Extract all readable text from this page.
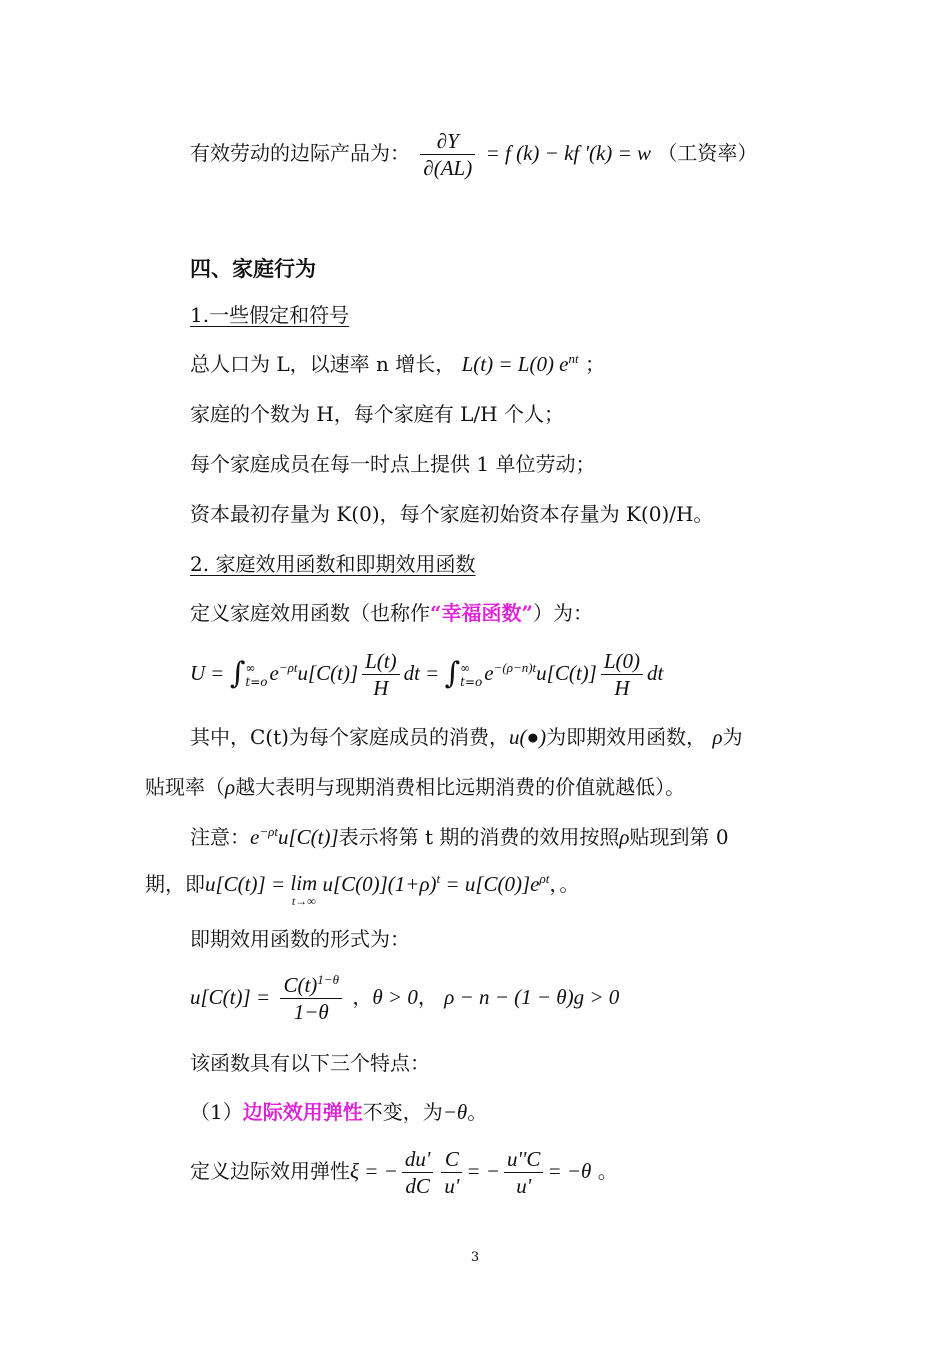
有效劳动的边际产品为： $\frac{\partial Y}{\partial(AL)} = f$ (k) − kf '(k) = w （工资率）
四、家庭行为
1.一些假定和符号
总人口为 L，以速率 n 增长， L(t) = L(0) $e^{nt}$ ；
家庭的个数为 H，每个家庭有 L/H 个人；
每个家庭成员在每一时点上提供 1 单位劳动；
资本最初存量为 K(0)，每个家庭初始资本存量为 K(0)/H。
2. 家庭效用函数和即期效用函数
定义家庭效用函数（也称作“幸福函数”）为：
U = ∫ ∞
t=o $e^{-\rho t}u[C(t)] \frac{L(t)}{H}$ dt = ∫ ∞
t=o $e^{-(\rho-n)t}u[C(t)] \frac{L(0)}{H}$ dt
其中，C(t)为每个家庭成员的消费，u(●)为即期效用函数， ρ为
贴现率（ρ越大表明与现期消费相比远期消费的价值就越低）。
注意：$e^{-\rho t}u[C(t)]$表示将第 t 期的消费的效用按照ρ贴现到第 0
期，即u[C(t)] = lim
t→∞
$u[C(0)](1+\rho)^t = u[C(0)]e^{\rho t}$，。
即期效用函数的形式为：
$u[C(t)] = \frac{C(t)^{1-\theta}}{1-\theta}$ ，θ > 0， ρ − n − (1 − θ)g > 0
该函数具有以下三个特点：
（1）边际效用弹性不变，为−θ。
定义边际效用弹性ξ = − $\frac{du'}{dC} \frac{C}{u'}$ = − $\frac{u''C}{u'} = -\theta$ 。
3
